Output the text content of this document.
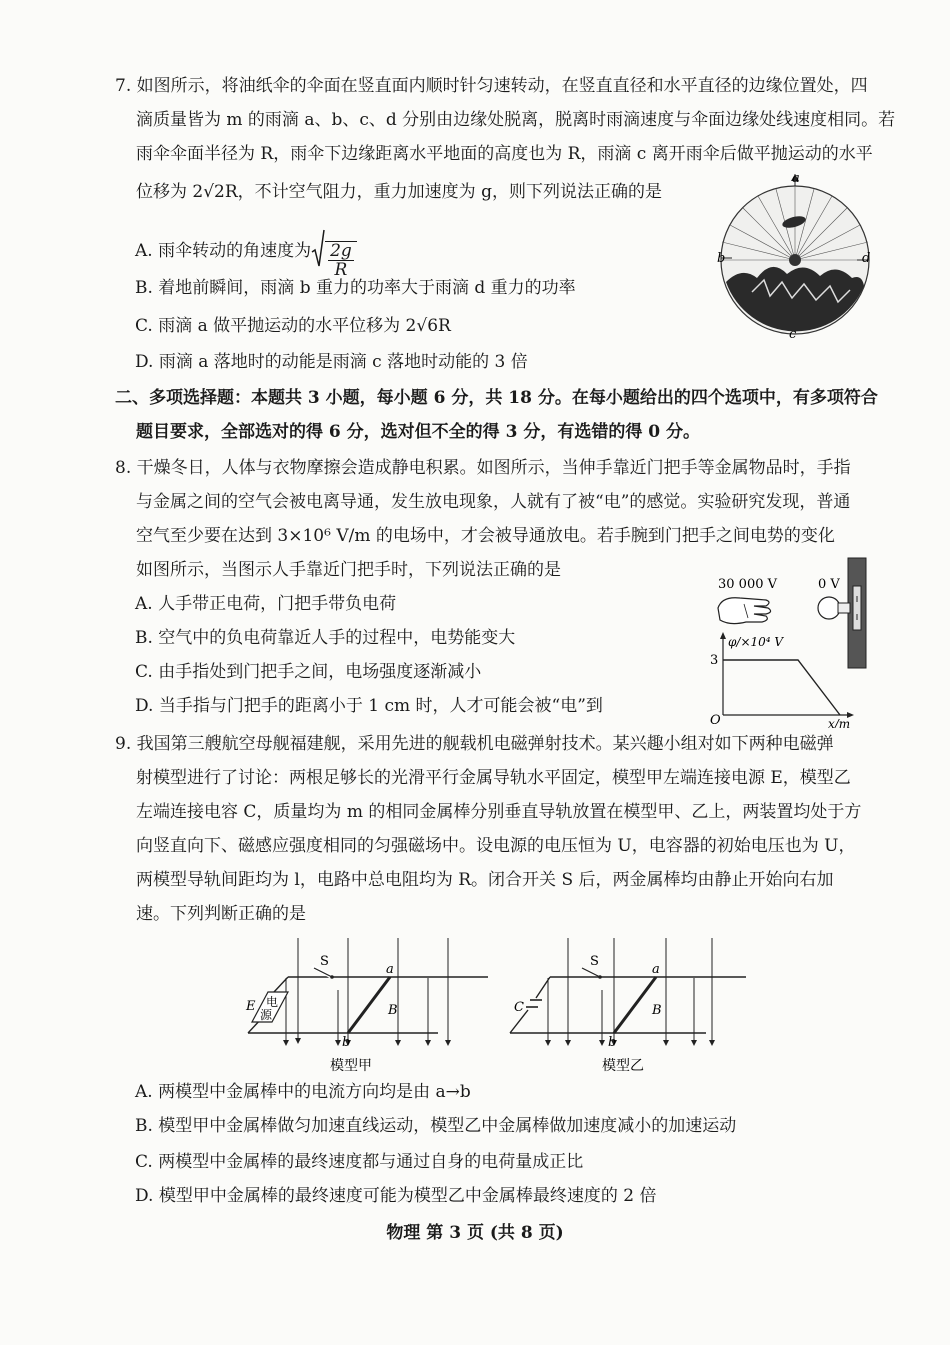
7. 如图所示，将油纸伞的伞面在竖直面内顺时针匀速转动，在竖直直径和水平直径的边缘位置处，四
滴质量皆为 m 的雨滴 a、b、c、d 分别由边缘处脱离，脱离时雨滴速度与伞面边缘处线速度相同。若
雨伞伞面半径为 R，雨伞下边缘距离水平地面的高度也为 R，雨滴 c 离开雨伞后做平抛运动的水平
位移为 2√2R，不计空气阻力，重力加速度为 g，则下列说法正确的是
A. 雨伞转动的角速度为 $\frac{2g}{R}$
B. 着地前瞬间，雨滴 b 重力的功率大于雨滴 d 重力的功率
C. 雨滴 a 做平抛运动的水平位移为 2√6R
D. 雨滴 a 落地时的动能是雨滴 c 落地时动能的 3 倍
b	d
a
c
二、多项选择题：本题共 3 小题，每小题 6 分，共 18 分。在每小题给出的四个选项中，有多项符合
题目要求，全部选对的得 6 分，选对但不全的得 3 分，有选错的得 0 分。
8. 干燥冬日，人体与衣物摩擦会造成静电积累。如图所示，当伸手靠近门把手等金属物品时，手指
与金属之间的空气会被电离导通，发生放电现象，人就有了被“电”的感觉。实验研究发现，普通
空气至少要在达到 3×10⁶ V/m 的电场中，才会被导通放电。若手腕到门把手之间电势的变化
如图所示，当图示人手靠近门把手时，下列说法正确的是
A. 人手带正电荷，门把手带负电荷
B. 空气中的负电荷靠近人手的过程中，电势能变大
C. 由手指处到门把手之间，电场强度逐渐减小
D. 当手指与门把手的距离小于 1 cm 时，人才可能会被“电”到
30 000 V	0 V
φ/×10⁴ V
3
O	x/m
9. 我国第三艘航空母舰福建舰，采用先进的舰载机电磁弹射技术。某兴趣小组对如下两种电磁弹
射模型进行了讨论：两根足够长的光滑平行金属导轨水平固定，模型甲左端连接电源 E，模型乙
左端连接电容 C，质量均为 m 的相同金属棒分别垂直导轨放置在模型甲、乙上，两装置均处于方
向竖直向下、磁感应强度相同的匀强磁场中。设电源的电压恒为 U，电容器的初始电压也为 U，
两模型导轨间距均为 l，电路中总电阻均为 R。闭合开关 S 后，两金属棒均由静止开始向右加
速。下列判断正确的是
电
源
E
S
a
b
B
模型甲
C
S
a
b
B
模型乙
A. 两模型中金属棒中的电流方向均是由 a→b
B. 模型甲中金属棒做匀加速直线运动，模型乙中金属棒做加速度减小的加速运动
C. 两模型中金属棒的最终速度都与通过自身的电荷量成正比
D. 模型甲中金属棒的最终速度可能为模型乙中金属棒最终速度的 2 倍
物理 第 3 页 (共 8 页)
